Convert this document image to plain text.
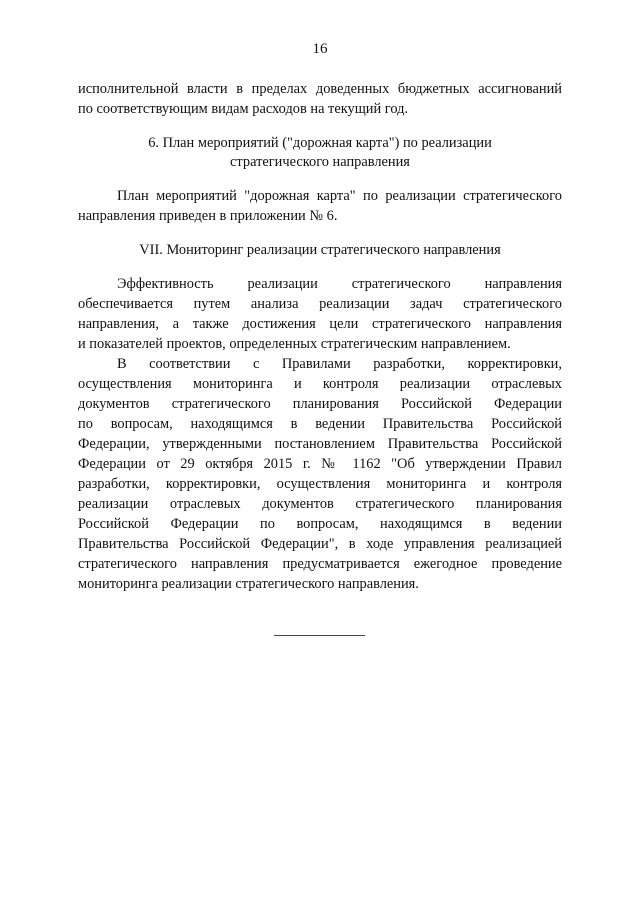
16
исполнительной власти в пределах доведенных бюджетных ассигнований
по соответствующим видам расходов на текущий год.
6. План мероприятий ("дорожная карта") по реализации
стратегического направления
План мероприятий "дорожная карта" по реализации стратегического
направления приведен в приложении № 6.
VII. Мониторинг реализации стратегического направления
Эффективность реализации стратегического направления
обеспечивается путем анализа реализации задач стратегического
направления, а также достижения цели стратегического направления
и показателей проектов, определенных стратегическим направлением.
В соответствии с Правилами разработки, корректировки,
осуществления мониторинга и контроля реализации отраслевых
документов стратегического планирования Российской Федерации
по вопросам, находящимся в ведении Правительства Российской
Федерации, утвержденными постановлением Правительства Российской
Федерации от 29 октября 2015 г. № 1162 "Об утверждении Правил
разработки, корректировки, осуществления мониторинга и контроля
реализации отраслевых документов стратегического планирования
Российской Федерации по вопросам, находящимся в ведении
Правительства Российской Федерации", в ходе управления реализацией
стратегического направления предусматривается ежегодное проведение
мониторинга реализации стратегического направления.
